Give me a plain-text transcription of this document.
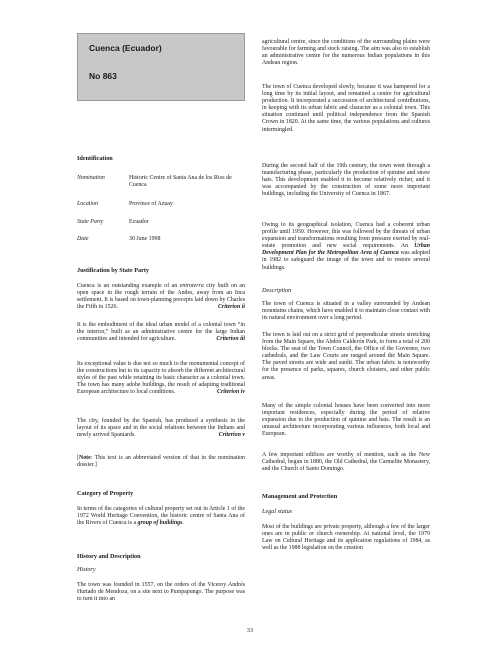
Cuenca (Ecuador)
No 863
Identification
Nomination	Historic Centre of Santa Ana de los Rios de Cuenca
Location	Province of Azuay
State Party	Ecuador
Date	30 June 1998
Justification by State Party

Cuenca is an outstanding example of an entroterra city built on an open space in the rough terrain of the Andes, away from an Inca settlement. It is based on town-planning precepts laid down by Charles the Fifth in 1526.	Criterion ii

It is the embodiment of the ideal urban model of a colonial town “in the interior,” built as an administrative centre for the large Indian communities and intended for agriculture.	Criterion iii

Its exceptional value is due not so much to the monumental concept of the constructions but to its capacity to absorb the different architectural styles of the past while retaining its basic character as a colonial town. The town has many adobe buildings, the result of adapting traditional European architecture to local conditions.	Criterion iv

The city, founded by the Spanish, has produced a synthesis in the layout of its space and in the social relations between the Indians and newly arrived Spaniards.	Criterion v

[Note: This text is an abbreviated version of that in the nomination dossier.]

Category of Property

In terms of the categories of cultural property set out in Article 1 of the 1972 World Heritage Convention, the historic centre of Santa Ana of the Rivers of Cuenca is a group of buildings.

History and Description
History

The town was founded in 1557, on the orders of the Viceroy Andrés Hurtado de Mendoza, on a site next to Pumpapungo. The purpose was to turn it into an

agricultural centre, since the conditions of the surrounding plains were favourable for farming and stock raising. The aim was also to establish an administrative centre for the numerous Indian populations in this Andean region.

The town of Cuenca developed slowly, because it was hampered for a long time by its initial layout, and remained a centre for agricultural production. It incorporated a succession of architectural contributions, in keeping with its urban fabric and character as a colonial town. This situation continued until political independence from the Spanish Crown in 1820. At the same time, the various populations and cultures intermingled.

During the second half of the 19th century, the town went through a manufacturing phase, particularly the production of quinine and straw hats. This development enabled it to become relatively richer, and it was accompanied by the construction of some more important buildings, including the University of Cuenca in 1867.

Owing to its geographical isolation, Cuenca had a coherent urban profile until 1950. However, this was followed by the threats of urban expansion and transformations resulting from pressure exerted by real-estate promotion and new social requirements. An Urban Development Plan for the Metropolitan Area of Cuenca was adopted in 1982 to safeguard the image of the town and to restore several buildings.

Description

The town of Cuenca is situated in a valley surrounded by Andean mountains chains, which have enabled it to maintain close contact with its natural environment over a long period.

The town is laid out on a strict grid of perpendicular streets stretching from the Main Square, the Abdón Calderón Park, to form a total of 200 blocks. The seat of the Town Council, the Office of the Governor, two cathedrals, and the Law Courts are ranged around the Main Square. The paved streets are wide and sunlit. The urban fabric is noteworthy for the presence of parks, squares, church cloisters, and other public areas.

Many of the simple colonial houses have been converted into more important residences, especially during the period of relative expansion due to the production of quinine and hats. The result is an unusual architecture incorporating various influences, both local and European.

A few important edifices are worthy of mention, such as the New Cathedral, begun in 1880, the Old Cathedral, the Carmelite Monastery, and the Church of Santo Domingo.

Management and Protection
Legal status

Most of the buildings are private property, although a few of the larger ones are in public or church ownership. At national level, the 1979 Law on Cultural Heritage and its application regulations of 1984, as well as the 1988 legislation on the creation

33
